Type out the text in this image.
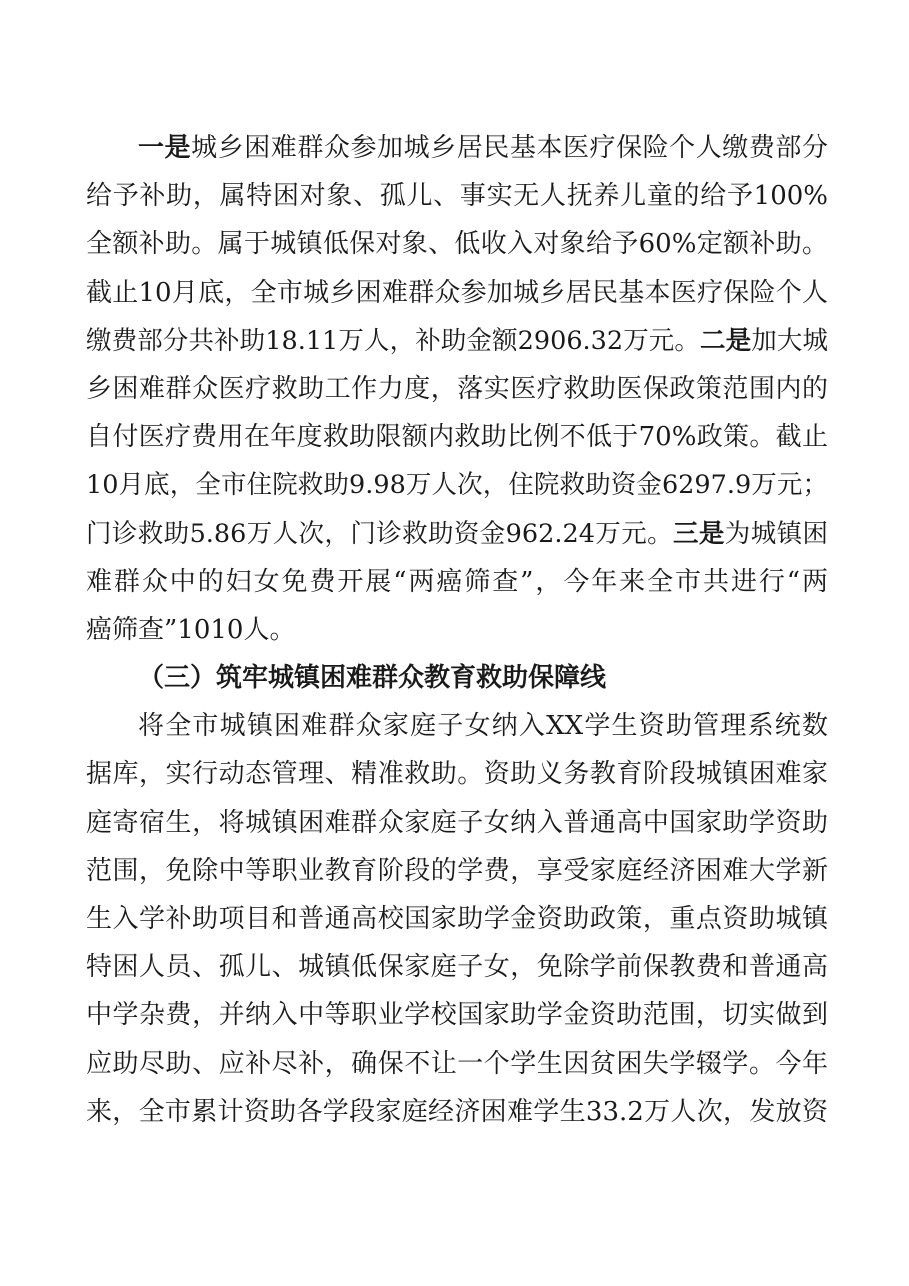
一是城乡困难群众参加城乡居民基本医疗保险个人缴费部分
给予补助，属特困对象、孤儿、事实无人抚养儿童的给予100%
全额补助。属于城镇低保对象、低收入对象给予60%定额补助。
截止10月底，全市城乡困难群众参加城乡居民基本医疗保险个人
缴费部分共补助18.11万人，补助金额2906.32万元。二是加大城
乡困难群众医疗救助工作力度，落实医疗救助医保政策范围内的
自付医疗费用在年度救助限额内救助比例不低于70%政策。截止
10月底，全市住院救助9.98万人次，住院救助资金6297.9万元；
门诊救助5.86万人次，门诊救助资金962.24万元。三是为城镇困
难群众中的妇女免费开展“两癌筛查”，今年来全市共进行“两
癌筛查”1010人。
（三）筑牢城镇困难群众教育救助保障线
将全市城镇困难群众家庭子女纳入XX学生资助管理系统数
据库，实行动态管理、精准救助。资助义务教育阶段城镇困难家
庭寄宿生，将城镇困难群众家庭子女纳入普通高中国家助学资助
范围，免除中等职业教育阶段的学费，享受家庭经济困难大学新
生入学补助项目和普通高校国家助学金资助政策，重点资助城镇
特困人员、孤儿、城镇低保家庭子女，免除学前保教费和普通高
中学杂费，并纳入中等职业学校国家助学金资助范围，切实做到
应助尽助、应补尽补，确保不让一个学生因贫困失学辍学。今年
来，全市累计资助各学段家庭经济困难学生33.2万人次，发放资
